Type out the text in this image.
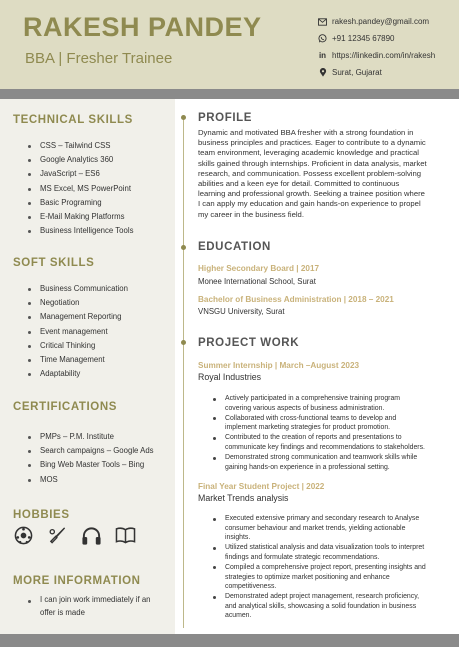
RAKESH PANDEY
BBA | Fresher Trainee
rakesh.pandey@gmail.com
+91 12345 67890
in https://linkedin.com/in/rakesh
Surat, Gujarat
TECHNICAL SKILLS
CSS – Tailwind CSS
Google Analytics 360
JavaScript – ES6
MS Excel, MS PowerPoint
Basic Programing
E-Mail Making Platforms
Business Intelligence Tools
SOFT SKILLS
Business Communication
Negotiation
Management Reporting
Event management
Critical Thinking
Time Management
Adaptability
CERTIFICATIONS
PMPs – P.M. Institute
Search campaigns – Google Ads
Bing Web Master Tools – Bing
MOS
HOBBIES
MORE INFORMATION
I can join work immediately if an
offer is made
PROFILE
Dynamic and motivated BBA fresher with a strong foundation in
business principles and practices. Eager to contribute to a dynamic
team environment, leveraging academic knowledge and practical
skills gained through internships. Proficient in data analysis, market
research, and communication. Possess excellent problem-solving
abilities and a keen eye for detail. Committed to continuous
learning and professional growth. Seeking a trainee position where
I can apply my education and gain hands-on experience to propel
my career in the business field.
EDUCATION
Higher Secondary Board | 2017
Monee International School, Surat
Bachelor of Business Administration | 2018 – 2021
VNSGU University, Surat
PROJECT WORK
Summer Internship | March –August 2023
Royal Industries
Actively participated in a comprehensive training program
covering various aspects of business administration.
Collaborated with cross-functional teams to develop and
implement marketing strategies for product promotion.
Contributed to the creation of reports and presentations to
communicate key findings and recommendations to stakeholders.
Demonstrated strong communication and teamwork skills while
gaining hands-on experience in a professional setting.
Final Year Student Project | 2022
Market Trends analysis
Executed extensive primary and secondary research to Analyse
consumer behaviour and market trends, yielding actionable
insights.
Utilized statistical analysis and data visualization tools to interpret
findings and formulate strategic recommendations.
Compiled a comprehensive project report, presenting insights and
strategies to optimize market positioning and enhance
competitiveness.
Demonstrated adept project management, research proficiency,
and analytical skills, showcasing a solid foundation in business
acumen.
